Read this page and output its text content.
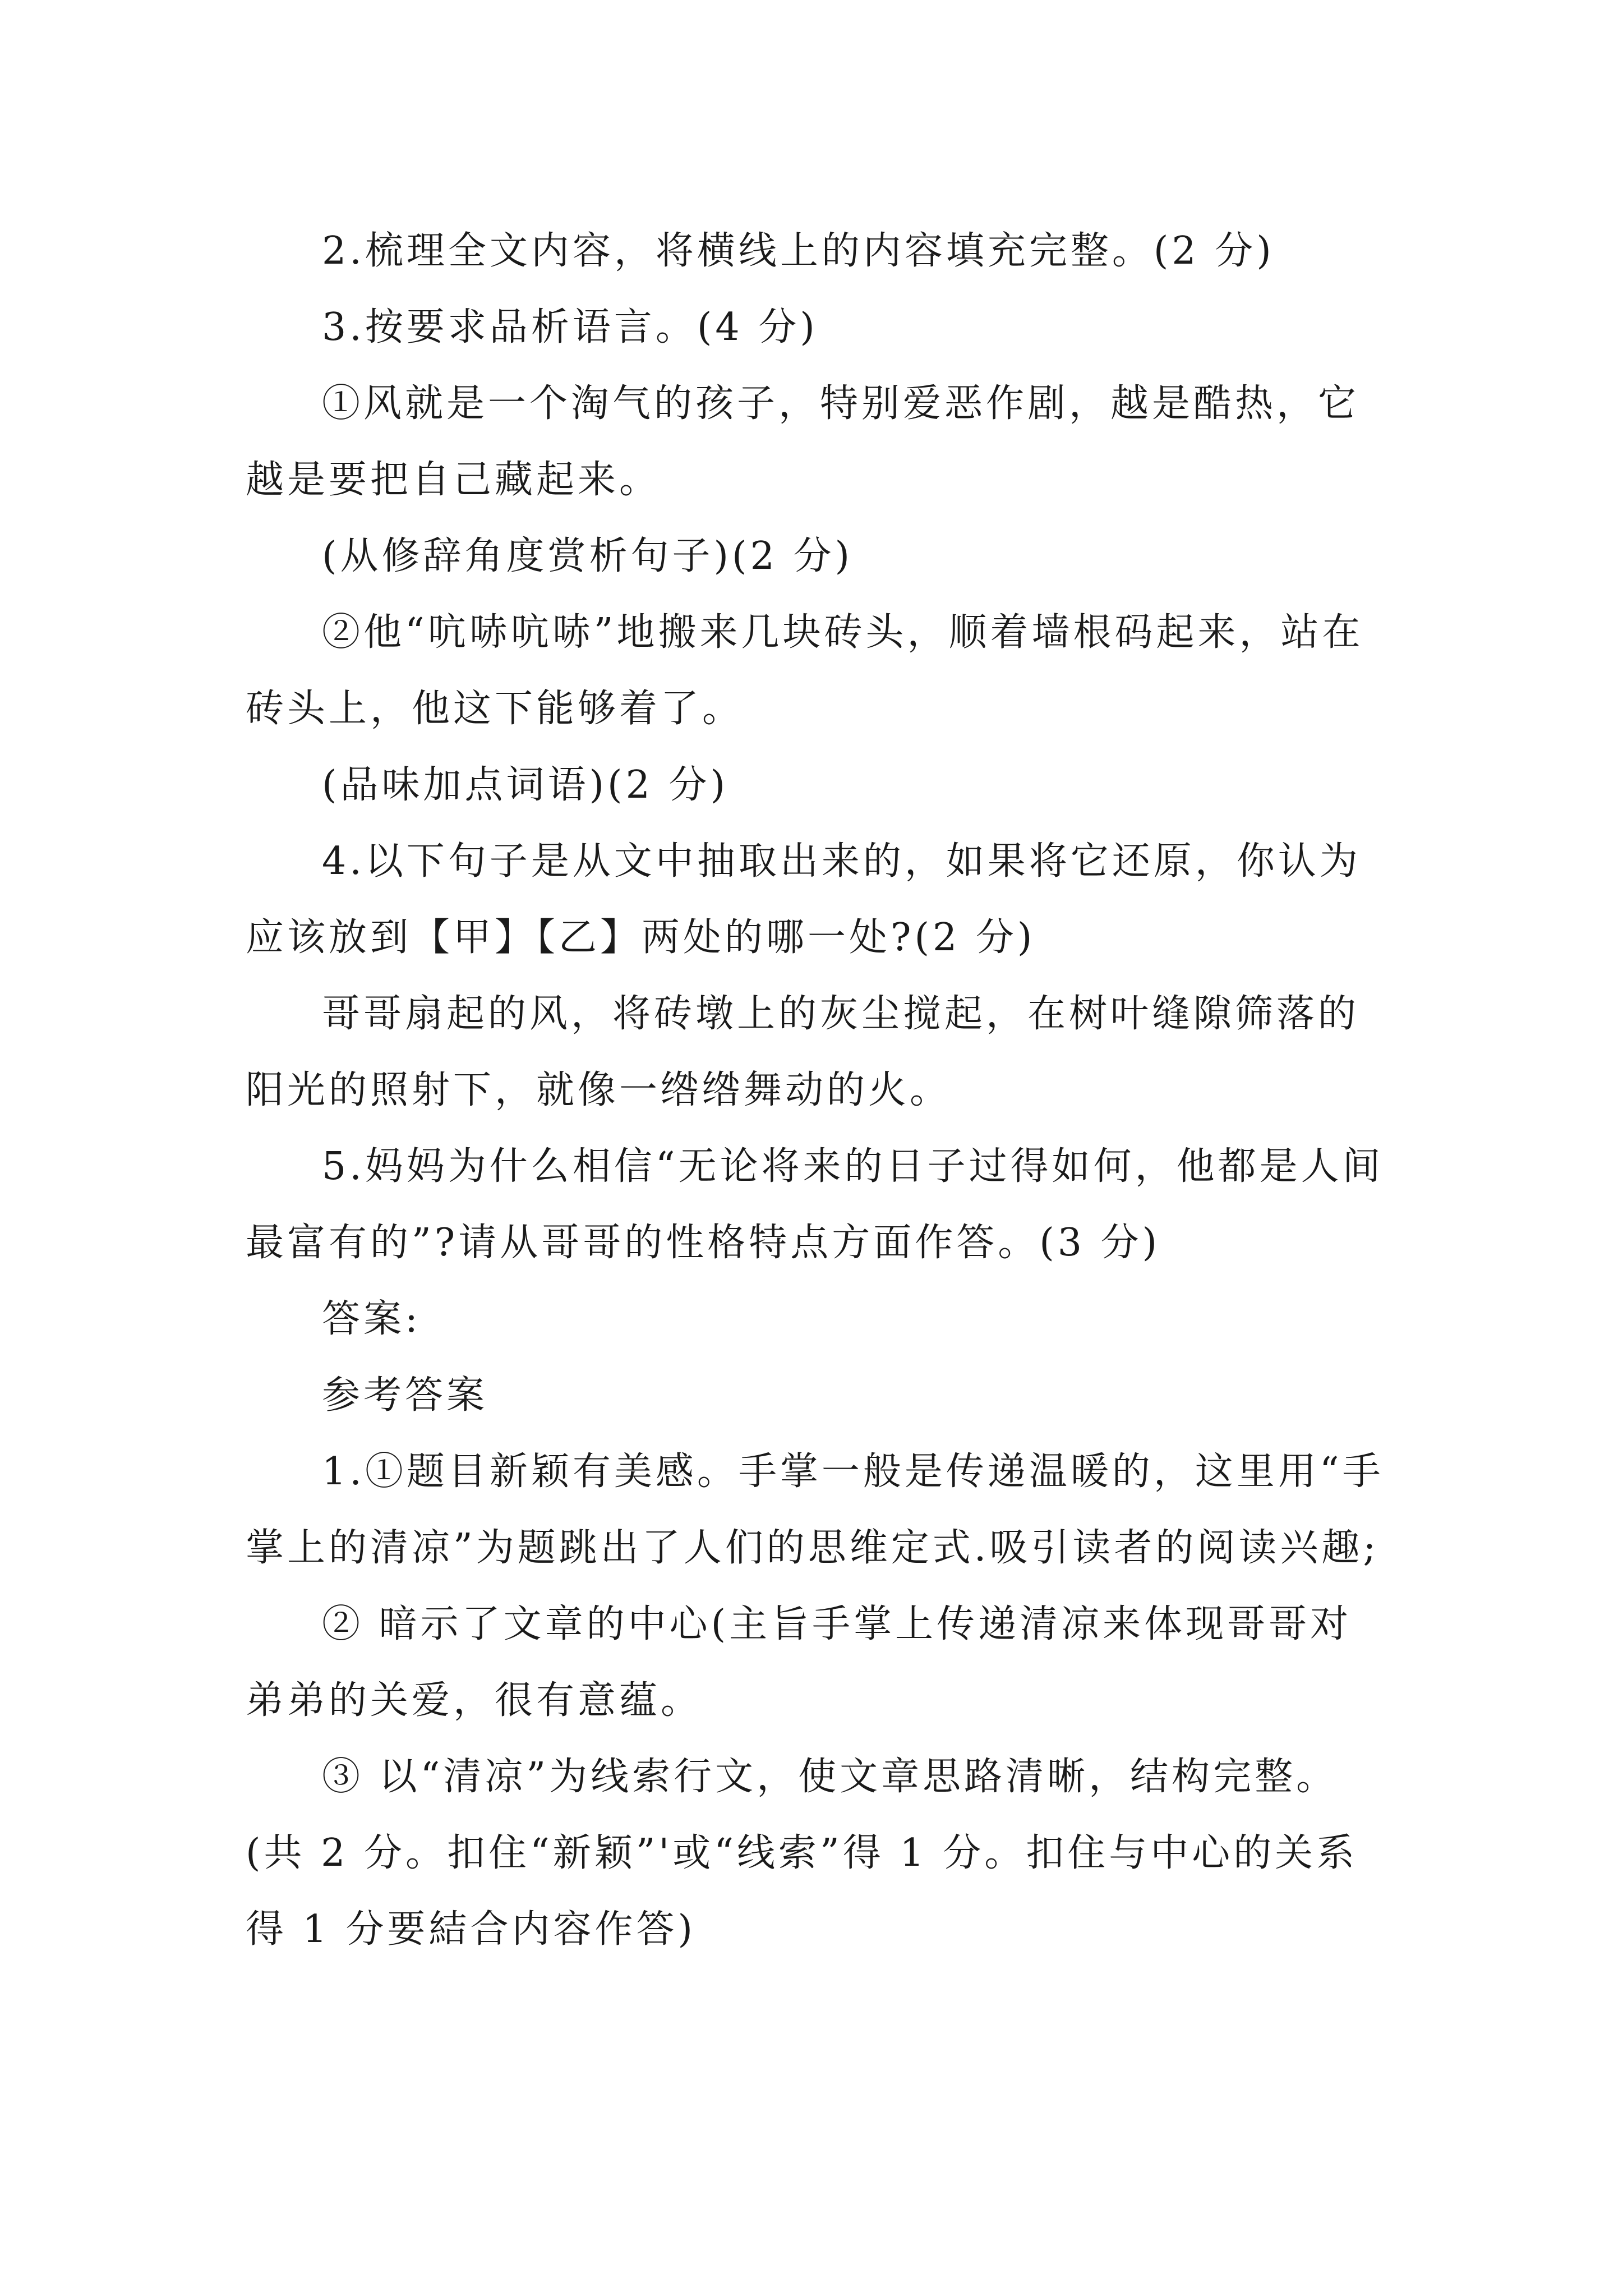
2.梳理全文内容，将横线上的内容填充完整。(2 分)

3.按要求品析语言。(4 分)

①风就是一个淘气的孩子，特别爱恶作剧，越是酷热，它越是要把自己藏起来。

(从修辞角度赏析句子)(2 分)

②他“吭哧吭哧”地搬来几块砖头，顺着墙根码起来，站在砖头上，他这下能够着了。

(品味加点词语)(2 分)

4.以下句子是从文中抽取出来的，如果将它还原，你认为应该放到【甲】【乙】两处的哪一处?(2 分)

哥哥扇起的风，将砖墩上的灰尘搅起，在树叶缝隙筛落的阳光的照射下，就像一绺绺舞动的火。

5.妈妈为什么相信“无论将来的日子过得如何，他都是人间最富有的”?请从哥哥的性格特点方面作答。(3 分)

答案:

参考答案

1.①题目新颖有美感。手掌一般是传递温暖的，这里用“手掌上的清凉”为题跳出了人们的思维定式.吸引读者的阅读兴趣;

② 暗示了文章的中心(主旨手掌上传递清凉来体现哥哥对弟弟的关爱，很有意蕴。

③ 以“清凉”为线索行文，使文章思路清晰，结构完整。(共 2 分。扣住“新颖”'或“线索”得 1 分。扣住与中心的关系得 1 分要結合内容作答)
